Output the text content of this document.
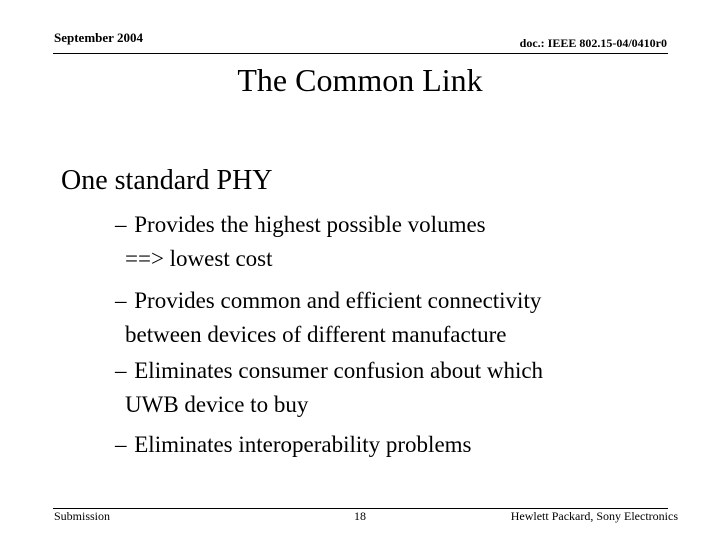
September 2004	doc.: IEEE 802.15-04/0410r0
The Common Link
One standard PHY
– Provides the highest possible volumes
==> lowest cost
– Provides common and efficient connectivity
between devices of different manufacture
– Eliminates consumer confusion about which
UWB device to buy
– Eliminates interoperability problems
Submission	18	Hewlett Packard, Sony Electronics
